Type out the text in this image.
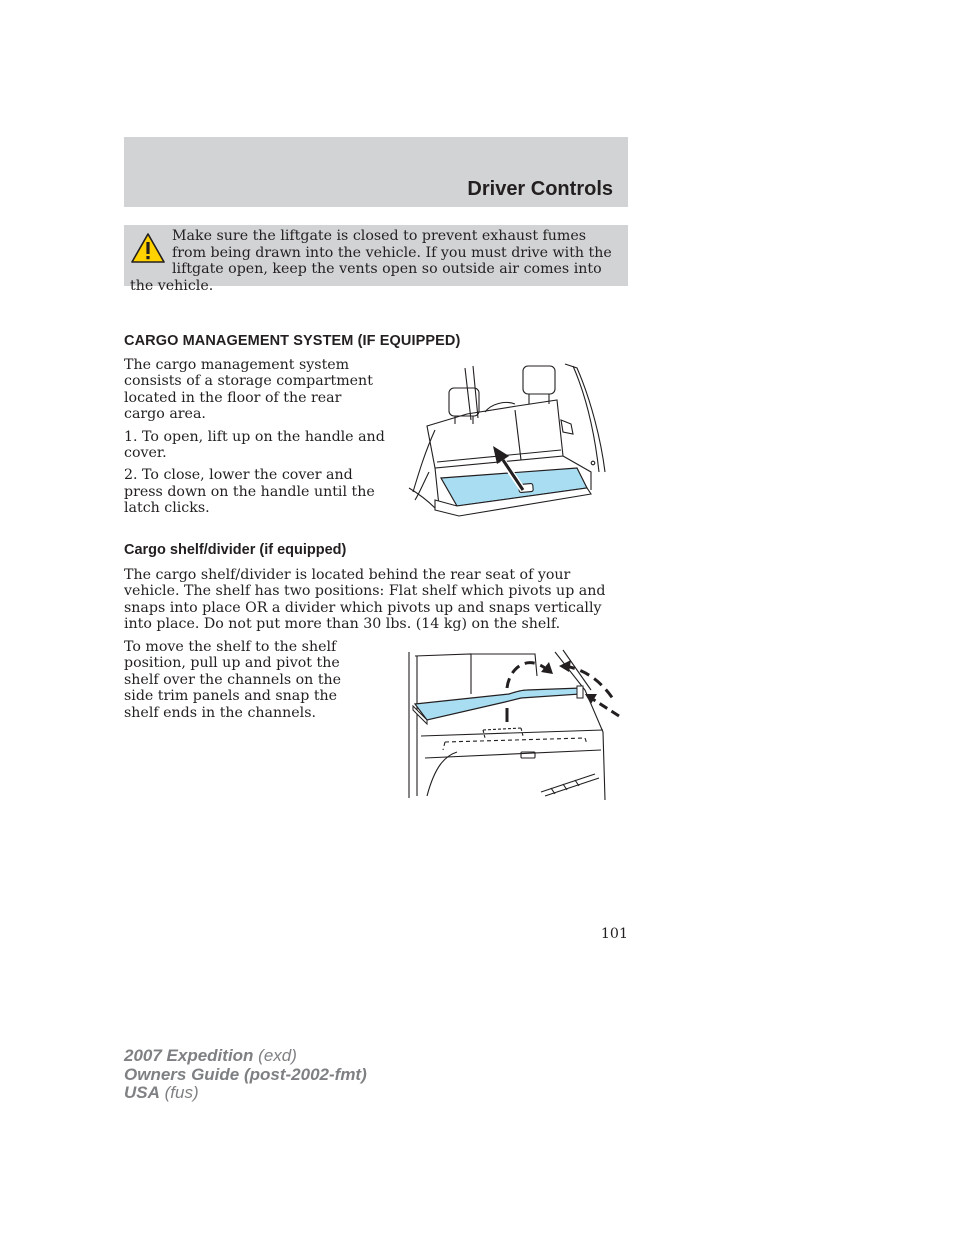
Driver Controls
Make sure the liftgate is closed to prevent exhaust fumes from being drawn into the vehicle. If you must drive with the liftgate open, keep the vents open so outside air comes into the vehicle.
CARGO MANAGEMENT SYSTEM (IF EQUIPPED)

The cargo management system consists of a storage compartment located in the floor of the rear cargo area.

1. To open, lift up on the handle and cover.

2. To close, lower the cover and press down on the handle until the latch clicks.

Cargo shelf/divider (if equipped)

The cargo shelf/divider is located behind the rear seat of your vehicle. The shelf has two positions: Flat shelf which pivots up and snaps into place OR a divider which pivots up and snaps vertically into place. Do not put more than 30 lbs. (14 kg) on the shelf.

To move the shelf to the shelf position, pull up and pivot the shelf over the channels on the side trim panels and snap the shelf ends in the channels.

101
2007 Expedition (exd)
Owners Guide (post-2002-fmt)
USA (fus)
